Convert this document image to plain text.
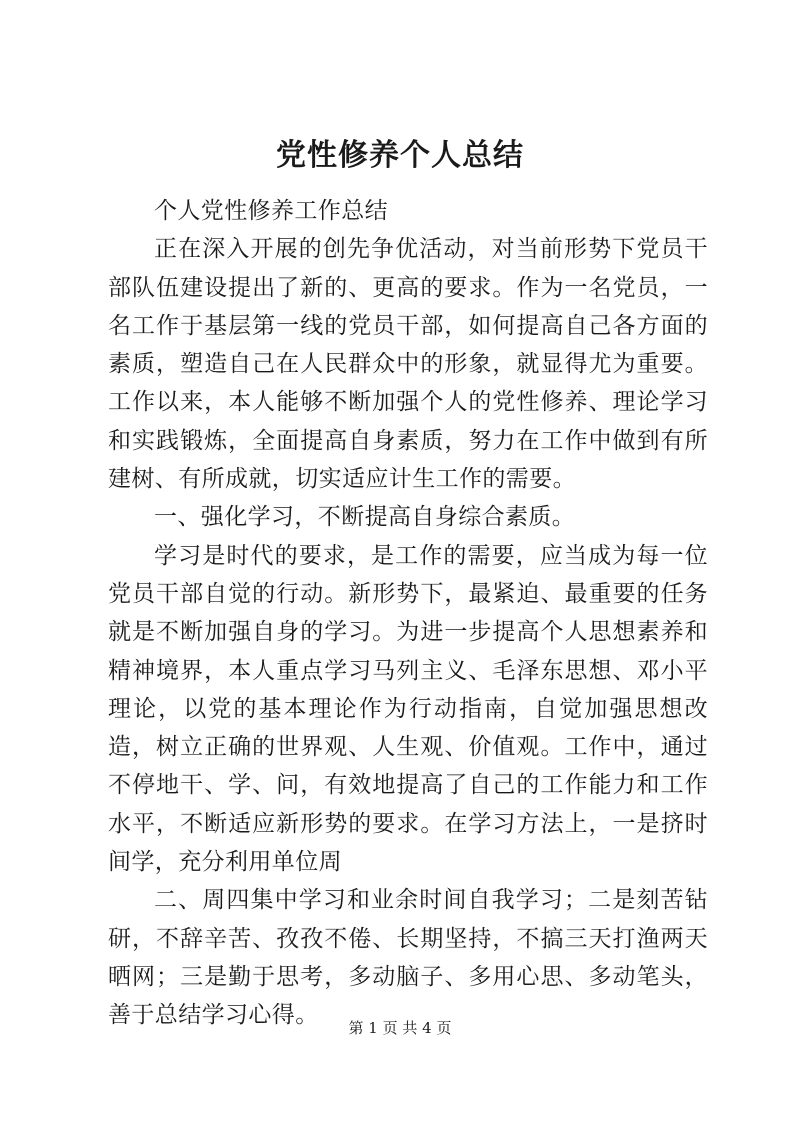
党性修养个人总结

个人党性修养工作总结

正在深入开展的创先争优活动，对当前形势下党员干部队伍建设提出了新的、更高的要求。作为一名党员，一名工作于基层第一线的党员干部，如何提高自己各方面的素质，塑造自己在人民群众中的形象，就显得尤为重要。工作以来，本人能够不断加强个人的党性修养、理论学习和实践锻炼，全面提高自身素质，努力在工作中做到有所建树、有所成就，切实适应计生工作的需要。

一、强化学习，不断提高自身综合素质。

学习是时代的要求，是工作的需要，应当成为每一位党员干部自觉的行动。新形势下，最紧迫、最重要的任务就是不断加强自身的学习。为进一步提高个人思想素养和精神境界，本人重点学习马列主义、毛泽东思想、邓小平理论，以党的基本理论作为行动指南，自觉加强思想改造，树立正确的世界观、人生观、价值观。工作中，通过不停地干、学、问，有效地提高了自己的工作能力和工作水平，不断适应新形势的要求。在学习方法上，一是挤时间学，充分利用单位周

二、周四集中学习和业余时间自我学习；二是刻苦钻研，不辞辛苦、孜孜不倦、长期坚持，不搞三天打渔两天晒网；三是勤于思考，多动脑子、多用心思、多动笔头，善于总结学习心得。	第 1 页 共 4 页
